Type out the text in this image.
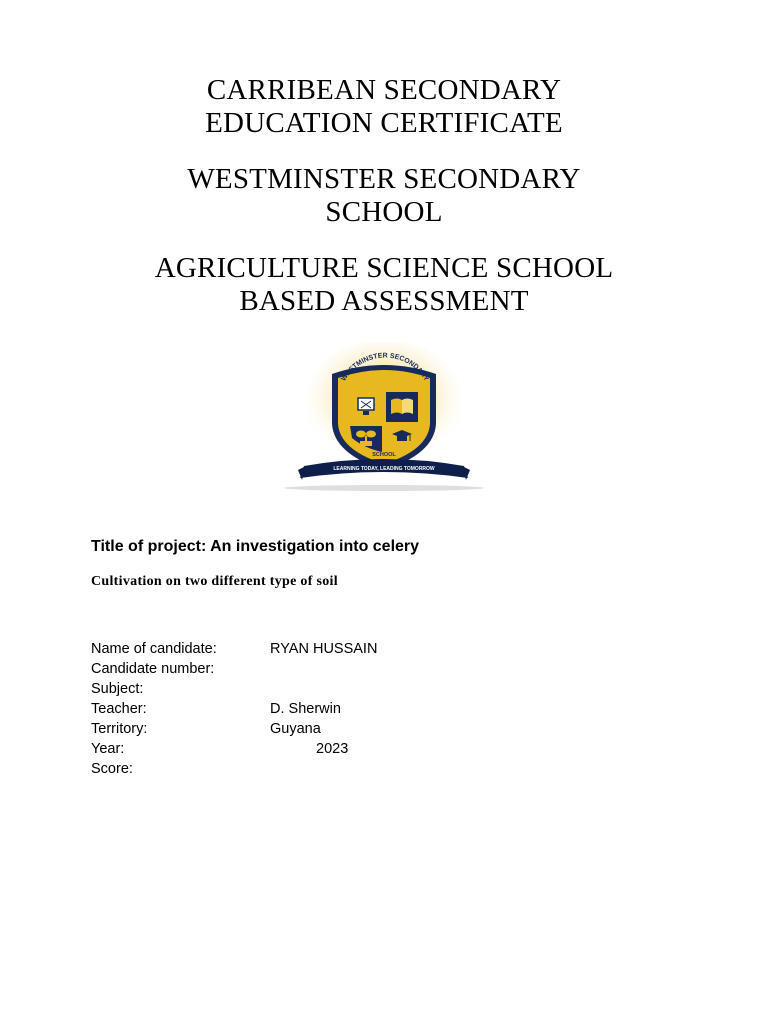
CARRIBEAN SECONDARY
EDUCATION CERTIFICATE
WESTMINSTER SECONDARY
SCHOOL
AGRICULTURE SCIENCE SCHOOL
BASED ASSESSMENT
WESTMINSTER SECONDARY
SCHOOL
LEARNING TODAY, LEADING TOMORROW
Title of project: An investigation into celery
Cultivation on two different type of soil
Name of candidate:	RYAN HUSSAIN
Candidate number:
Subject:
Teacher:	D. Sherwin
Territory:	Guyana
Year:	2023
Score:
